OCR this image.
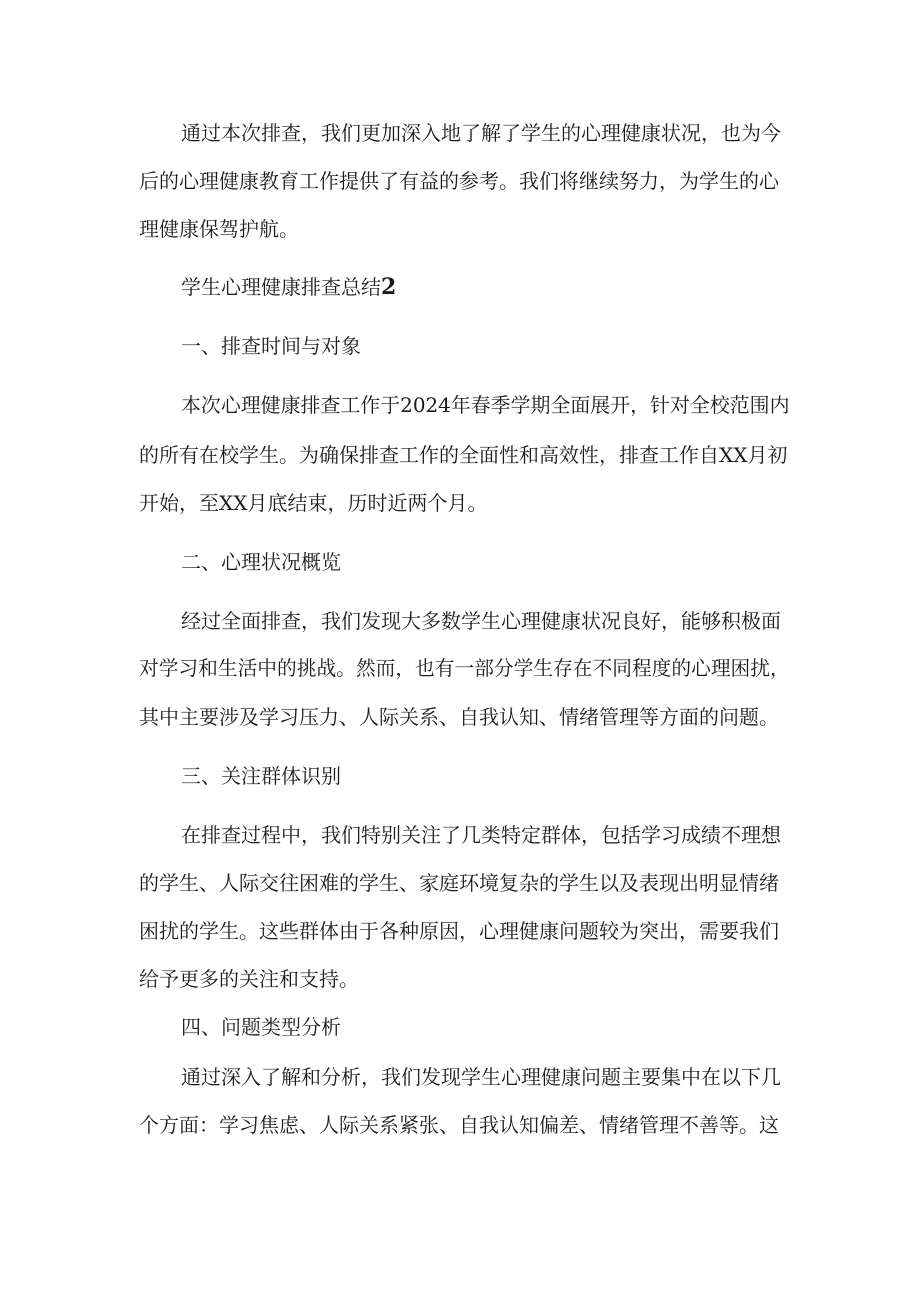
通过本次排查，我们更加深入地了解了学生的心理健康状况，也为今
后的心理健康教育工作提供了有益的参考。我们将继续努力，为学生的心
理健康保驾护航。
学生心理健康排查总结2
一、排查时间与对象
本次心理健康排查工作于2024年春季学期全面展开，针对全校范围内
的所有在校学生。为确保排查工作的全面性和高效性，排查工作自XX月初
开始，至XX月底结束，历时近两个月。
二、心理状况概览
经过全面排查，我们发现大多数学生心理健康状况良好，能够积极面
对学习和生活中的挑战。然而，也有一部分学生存在不同程度的心理困扰，
其中主要涉及学习压力、人际关系、自我认知、情绪管理等方面的问题。
三、关注群体识别
在排查过程中，我们特别关注了几类特定群体，包括学习成绩不理想
的学生、人际交往困难的学生、家庭环境复杂的学生以及表现出明显情绪
困扰的学生。这些群体由于各种原因，心理健康问题较为突出，需要我们
给予更多的关注和支持。
四、问题类型分析
通过深入了解和分析，我们发现学生心理健康问题主要集中在以下几
个方面：学习焦虑、人际关系紧张、自我认知偏差、情绪管理不善等。这
